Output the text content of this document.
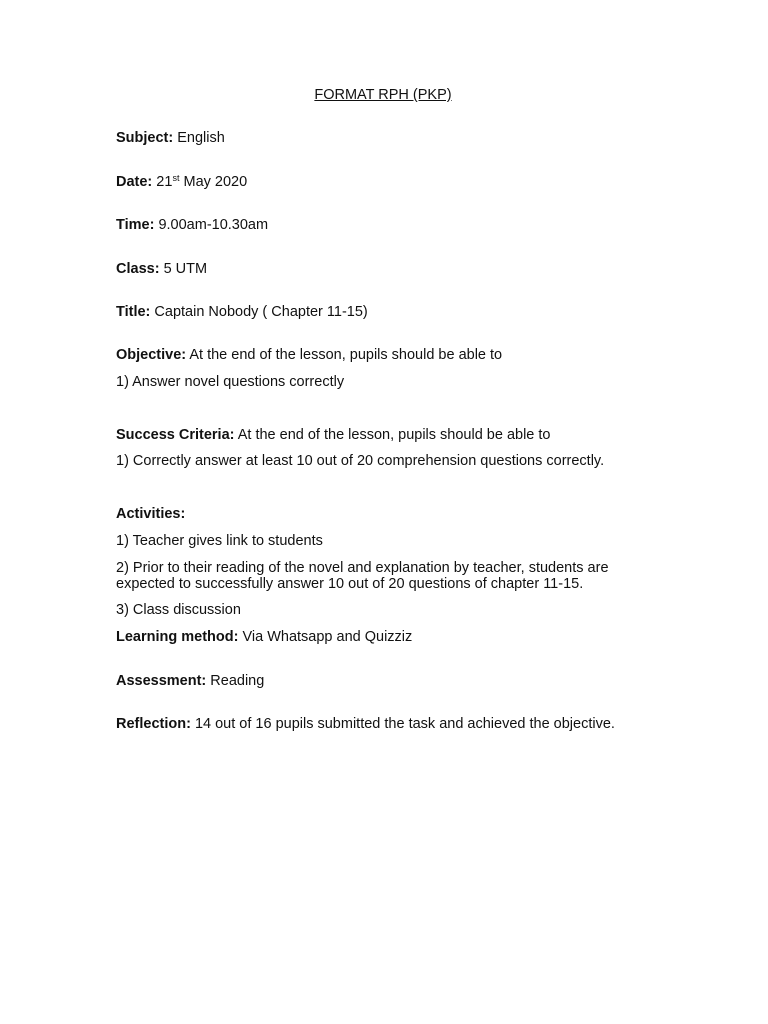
FORMAT RPH (PKP)
Subject: English
Date: 21st May 2020
Time: 9.00am-10.30am
Class: 5 UTM
Title: Captain Nobody ( Chapter 11-15)
Objective: At the end of the lesson, pupils should be able to
1) Answer novel questions correctly
Success Criteria: At the end of the lesson, pupils should be able to
1) Correctly answer at least 10 out of 20 comprehension questions correctly.
Activities:
1) Teacher gives link to students
2) Prior to their reading of the novel and explanation by teacher, students are expected to successfully answer 10 out of 20 questions of chapter 11-15.
3) Class discussion
Learning method: Via Whatsapp and Quizziz
Assessment: Reading
Reflection: 14 out of 16 pupils submitted the task and achieved the objective.
